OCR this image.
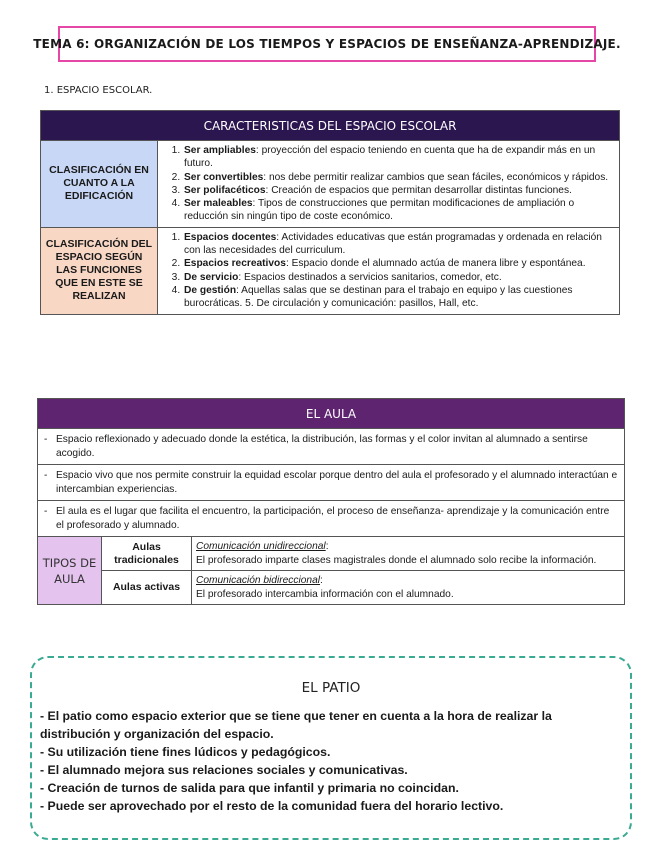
TEMA 6: ORGANIZACIÓN DE LOS TIEMPOS Y ESPACIOS DE ENSEÑANZA-APRENDIZAJE.
1. ESPACIO ESCOLAR.
CARACTERISTICAS DEL ESPACIO ESCOLAR
CLASIFICACIÓN EN CUANTO A LA EDIFICACIÓN
1. Ser ampliables: proyección del espacio teniendo en cuenta que ha de expandir más en un futuro.
2. Ser convertibles: nos debe permitir realizar cambios que sean fáciles, económicos y rápidos.
3. Ser polifacéticos: Creación de espacios que permitan desarrollar distintas funciones.
4. Ser maleables: Tipos de construcciones que permitan modificaciones de ampliación o reducción sin ningún tipo de coste económico.
CLASIFICACIÓN DEL ESPACIO SEGÚN LAS FUNCIONES QUE EN ESTE SE REALIZAN
1. Espacios docentes: Actividades educativas que están programadas y ordenada en relación con las necesidades del curriculum.
2. Espacios recreativos: Espacio donde el alumnado actúa de manera libre y espontánea.
3. De servicio: Espacios destinados a servicios sanitarios, comedor, etc.
4. De gestión: Aquellas salas que se destinan para el trabajo en equipo y las cuestiones burocráticas. 5. De circulación y comunicación: pasillos, Hall, etc.
EL AULA
- Espacio reflexionado y adecuado donde la estética, la distribución, las formas y el color invitan al alumnado a sentirse acogido.
- Espacio vivo que nos permite construir la equidad escolar porque dentro del aula el profesorado y el alumnado interactúan e intercambian experiencias.
- El aula es el lugar que facilita el encuentro, la participación, el proceso de enseñanza- aprendizaje y la comunicación entre el profesorado y alumnado.
TIPOS DE AULA
Aulas tradicionales
Comunicación unidireccional:
El profesorado imparte clases magistrales donde el alumnado solo recibe la información.
Aulas activas
Comunicación bidireccional:
El profesorado intercambia información con el alumnado.
EL PATIO
- El patio como espacio exterior que se tiene que tener en cuenta a la hora de realizar la distribución y organización del espacio.
- Su utilización tiene fines lúdicos y pedagógicos.
- El alumnado mejora sus relaciones sociales y comunicativas.
- Creación de turnos de salida para que infantil y primaria no coincidan.
- Puede ser aprovechado por el resto de la comunidad fuera del horario lectivo.
